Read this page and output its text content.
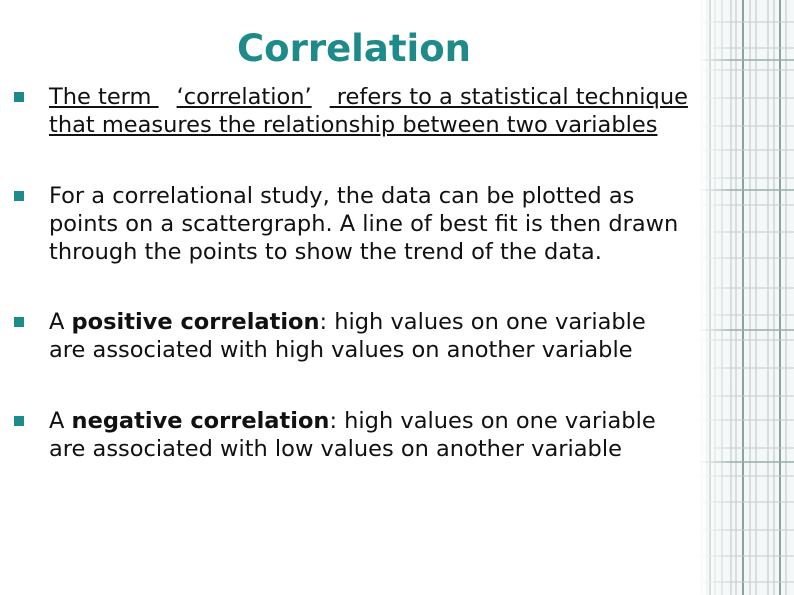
Correlation
The term ‘correlation’ refers to a statistical technique that measures the relationship between two variables
For a correlational study, the data can be plotted as points on a scattergraph. A line of best fit is then drawn through the points to show the trend of the data.
A positive correlation: high values on one variable are associated with high values on another variable
A negative correlation: high values on one variable are associated with low values on another variable
